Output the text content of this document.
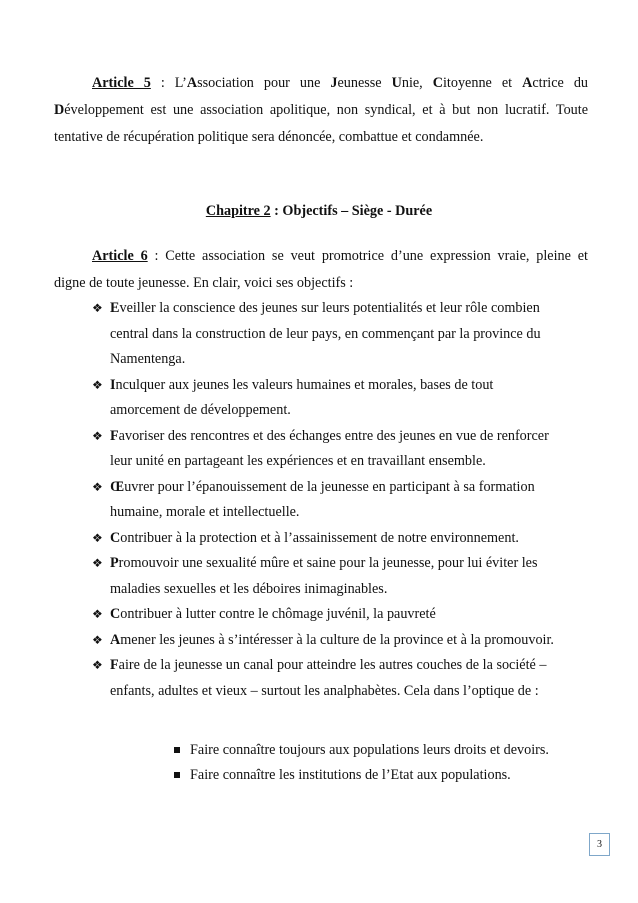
Article 5 : L’Association pour une Jeunesse Unie, Citoyenne et Actrice du
Développement est une association apolitique, non syndical, et à but non lucratif. Toute
tentative de récupération politique sera dénoncée, combattue et condamnée.
Chapitre 2 : Objectifs – Siège - Durée
Article 6 : Cette association se veut promotrice d’une expression vraie, pleine et
digne de toute jeunesse. En clair, voici ses objectifs :
❖ Eveiller la conscience des jeunes sur leurs potentialités et leur rôle combien
central dans la construction de leur pays, en commençant par la province du
Namentenga.
❖ Inculquer aux jeunes les valeurs humaines et morales, bases de tout
amorcement de développement.
❖ Favoriser des rencontres et des échanges entre des jeunes en vue de renforcer
leur unité en partageant les expériences et en travaillant ensemble.
❖ Œuvrer pour l’épanouissement de la jeunesse en participant à sa formation
humaine, morale et intellectuelle.
❖ Contribuer à la protection et à l’assainissement de notre environnement.
❖ Promouvoir une sexualité mûre et saine pour la jeunesse, pour lui éviter les
maladies sexuelles et les déboires inimaginables.
❖ Contribuer à lutter contre le chômage juvénil, la pauvreté
❖ Amener les jeunes à s’intéresser à la culture de la province et à la promouvoir.
❖ Faire de la jeunesse un canal pour atteindre les autres couches de la société –
enfants, adultes et vieux – surtout les analphabètes. Cela dans l’optique de :
Faire connaître toujours aux populations leurs droits et devoirs.
Faire connaître les institutions de l’Etat aux populations.
3
